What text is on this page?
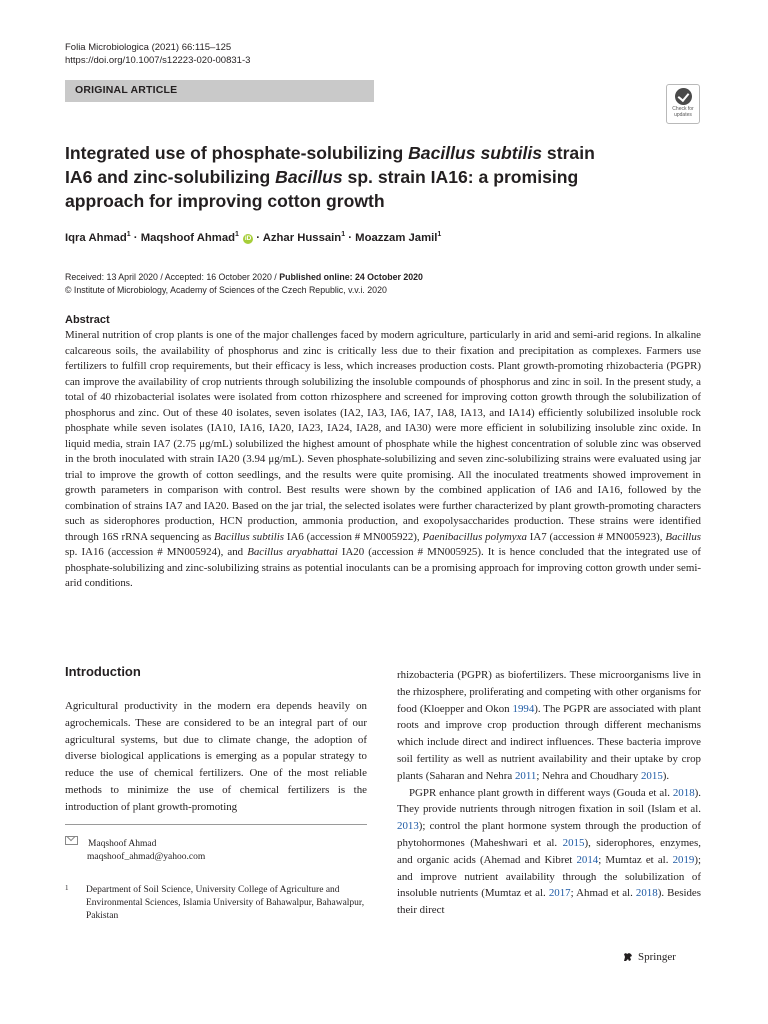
Folia Microbiologica (2021) 66:115–125
https://doi.org/10.1007/s12223-020-00831-3
ORIGINAL ARTICLE
Check for
updates
Integrated use of phosphate-solubilizing Bacillus subtilis strain IA6 and zinc-solubilizing Bacillus sp. strain IA16: a promising approach for improving cotton growth
Iqra Ahmad$^1$ · Maqshoof Ahmad$^1$ iD · Azhar Hussain$^1$ · Moazzam Jamil$^1$
Received: 13 April 2020 / Accepted: 16 October 2020 / Published online: 24 October 2020
© Institute of Microbiology, Academy of Sciences of the Czech Republic, v.v.i. 2020
Abstract
Mineral nutrition of crop plants is one of the major challenges faced by modern agriculture, particularly in arid and semi-arid regions. In alkaline calcareous soils, the availability of phosphorus and zinc is critically less due to their fixation and precipitation as complexes. Farmers use fertilizers to fulfill crop requirements, but their efficacy is less, which increases production costs. Plant growth-promoting rhizobacteria (PGPR) can improve the availability of crop nutrients through solubilizing the insoluble compounds of phosphorus and zinc in soil. In the present study, a total of 40 rhizobacterial isolates were isolated from cotton rhizosphere and screened for improving cotton growth through the solubilization of phosphorus and zinc. Out of these 40 isolates, seven isolates (IA2, IA3, IA6, IA7, IA8, IA13, and IA14) efficiently solubilized insoluble rock phosphate while seven isolates (IA10, IA16, IA20, IA23, IA24, IA28, and IA30) were more efficient in solubilizing insoluble zinc oxide. In liquid media, strain IA7 (2.75 μg/mL) solubilized the highest amount of phosphate while the highest concentration of soluble zinc was observed in the broth inoculated with strain IA20 (3.94 μg/mL). Seven phosphate-solubilizing and seven zinc-solubilizing strains were evaluated using jar trial to improve the growth of cotton seedlings, and the results were quite promising. All the inoculated treatments showed improvement in growth parameters in comparison with control. Best results were shown by the combined application of IA6 and IA16, followed by the combination of strains IA7 and IA20. Based on the jar trial, the selected isolates were further characterized by plant growth-promoting characters such as siderophores production, HCN production, ammonia production, and exopolysaccharides production. These strains were identified through 16S rRNA sequencing as Bacillus subtilis IA6 (accession # MN005922), Paenibacillus polymyxa IA7 (accession # MN005923), Bacillus sp. IA16 (accession # MN005924), and Bacillus aryabhattai IA20 (accession # MN005925). It is hence concluded that the integrated use of phosphate-solubilizing and zinc-solubilizing strains as potential inoculants can be a promising approach for improving cotton growth under semi-arid conditions.
Introduction
Agricultural productivity in the modern era depends heavily on agrochemicals. These are considered to be an integral part of our agricultural systems, but due to climate change, the adoption of diverse biological applications is emerging as a popular strategy to reduce the use of chemical fertilizers. One of the most reliable methods to minimize the use of chemical fertilizers is the introduction of plant growth-promoting
rhizobacteria (PGPR) as biofertilizers. These microorganisms live in the rhizosphere, proliferating and competing with other organisms for food (Kloepper and Okon 1994). The PGPR are associated with plant roots and improve crop production through different mechanisms which include direct and indirect influences. These bacteria improve soil fertility as well as nutrient availability and their uptake by crop plants (Saharan and Nehra 2011; Nehra and Choudhary 2015).
PGPR enhance plant growth in different ways (Gouda et al. 2018). They provide nutrients through nitrogen fixation in soil (Islam et al. 2013); control the plant hormone system through the production of phytohormones (Maheshwari et al. 2015), siderophores, enzymes, and organic acids (Ahemad and Kibret 2014; Mumtaz et al. 2019); and improve nutrient availability through the solubilization of insoluble nutrients (Mumtaz et al. 2017; Ahmad et al. 2018). Besides their direct
Maqshoof Ahmad
maqshoof_ahmad@yahoo.com
1	Department of Soil Science, University College of Agriculture and Environmental Sciences, Islamia University of Bahawalpur, Bahawalpur, Pakistan
Springer
